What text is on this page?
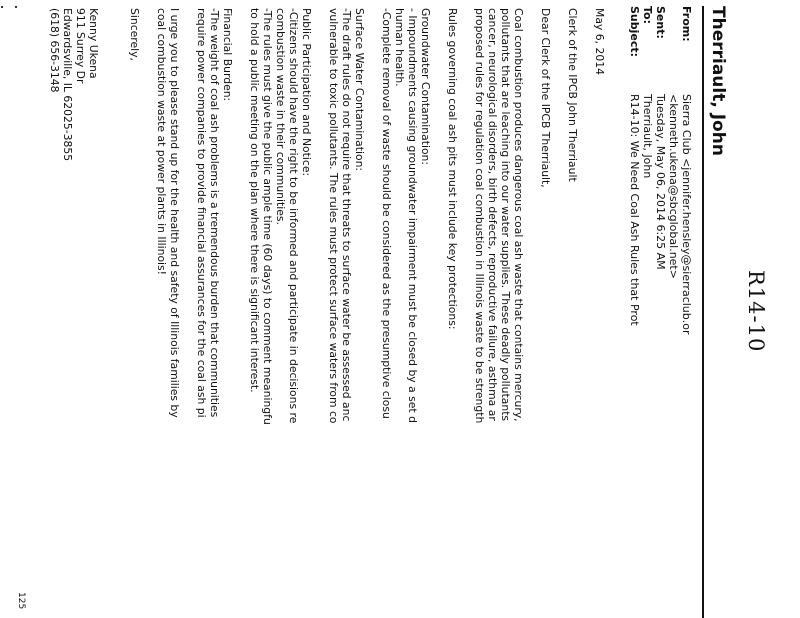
R14-10
Therriault, John
From:
Sierra Club <jennifer.hensley@sierraclub.or
<kenneth.ukena@sbcglobal.net>
Sent:
Tuesday, May 06, 2014 6:25 AM
To:
Therriault, John
Subject:
R14-10: We Need Coal Ash Rules that Prot
May 6, 2014
Clerk of the IPCB John Therriault
Dear Clerk of the IPCB Therriault,
Coal combustion produces dangerous coal ash waste that contains mercury,
pollutants that are leaching into our water supplies. These deadly pollutants
cancer, neurological disorders, birth defects, reproductive failure, asthma ar
proposed rules for regulation coal combustion in Illinois waste to be strength
Rules governing coal ash pits must include key protections:
Groundwater Contamination:
- Impoundments causing groundwater impairment must be closed by a set d
human health.
-Complete removal of waste should be considered as the presumptive closu
Surface Water Contamination:
-The draft rules do not require that threats to surface water be assessed anc
vulnerable to toxic pollutants. The rules must protect surface waters from co
Public Participation and Notice:
-Citizens should have the right to be informed and participate in decisions re
combustion waste in their communities.
-The rules must give the public ample time (60 days) to comment meaningfu
to hold a public meeting on the plan where there is significant interest.
Financial Burden:
-The weight of coal ash problems is a tremendous burden that communities
require power companies to provide financial assurances for the coal ash pi
I urge you to please stand up for the health and safety of Illinois families by
coal combustion waste at power plants in Illinois!
Sincerely,
Kenny Ukena
911 Surrey Dr
Edwardsville, IL 62025-3855
(618) 656-3148
125
